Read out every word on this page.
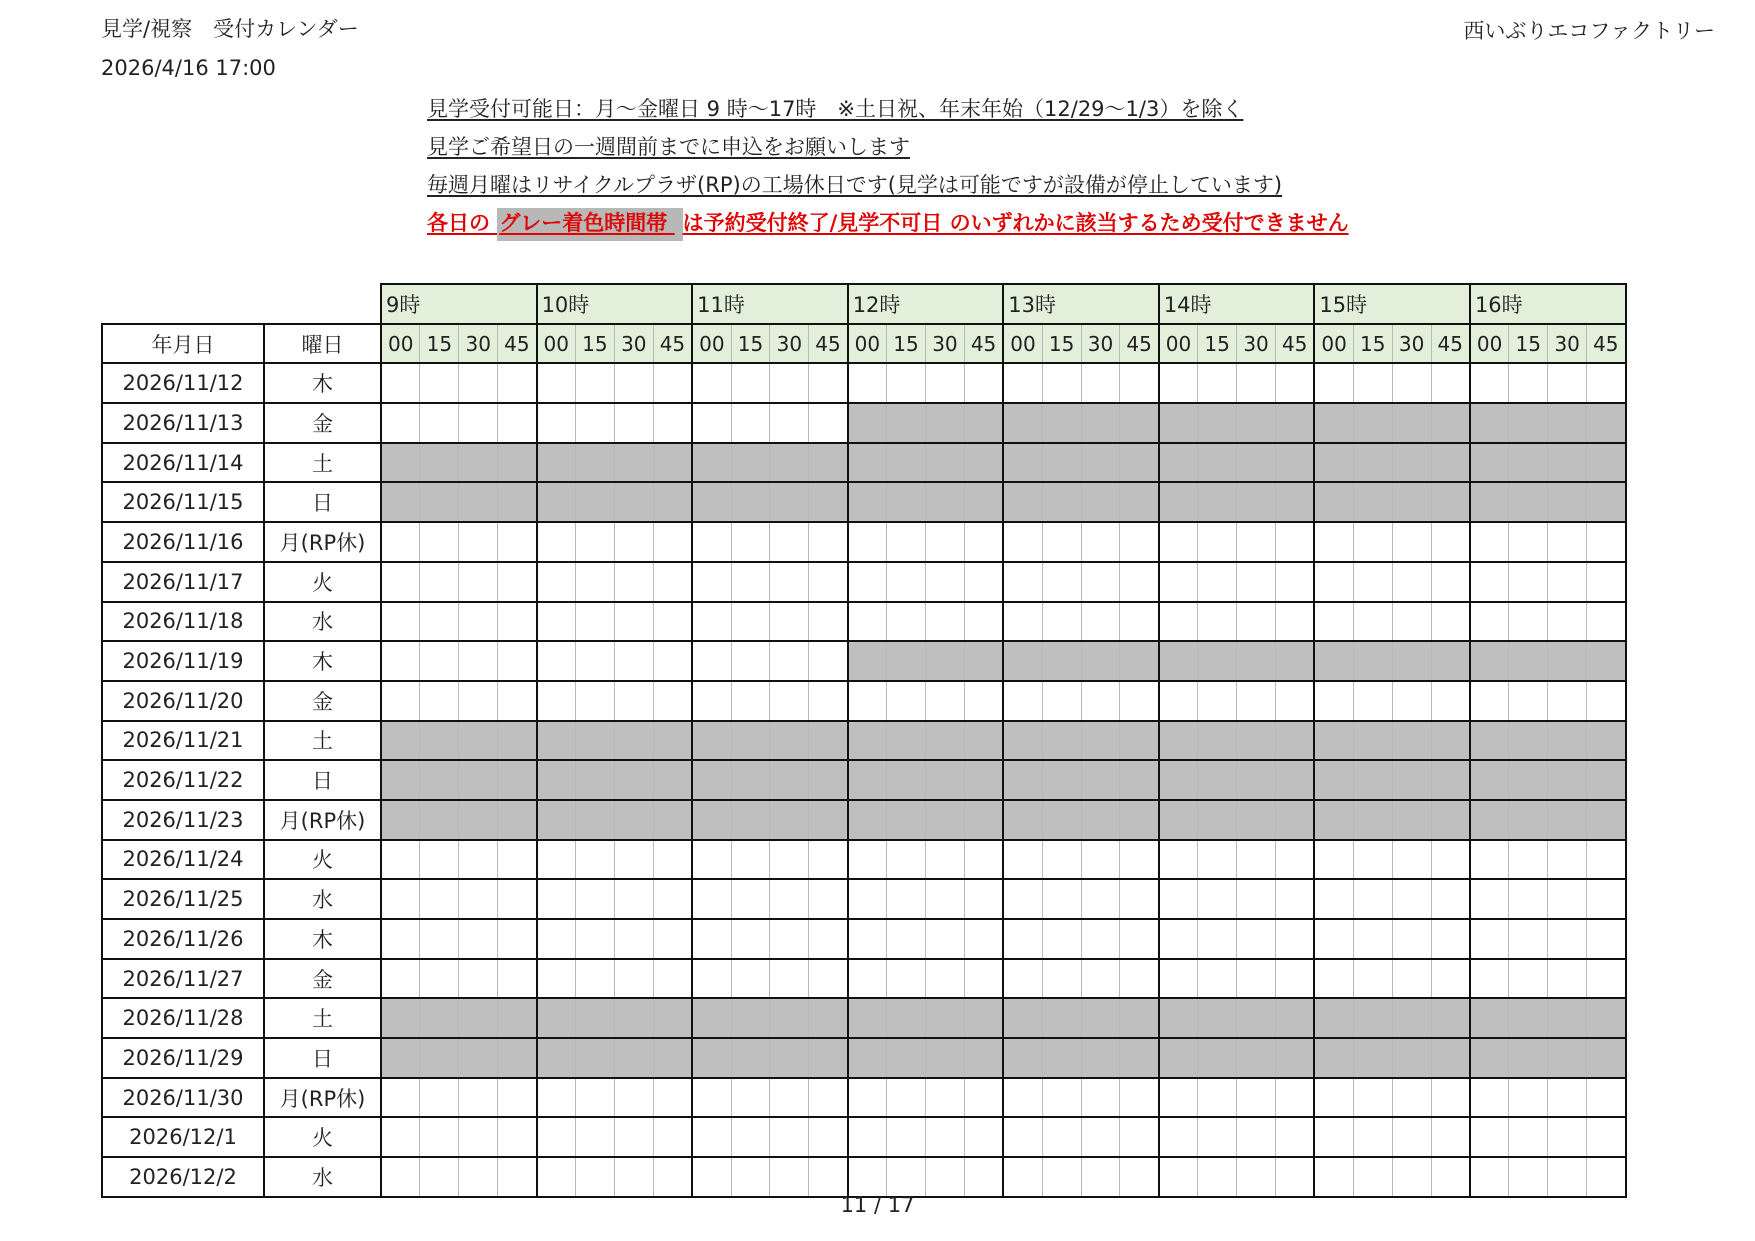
見学/視察　受付カレンダー
2026/4/16 17:00
西いぶりエコファクトリー
見学受付可能日：月～金曜日 9 時～17時　※土日祝、年末年始（12/29～1/3）を除く
見学ご希望日の一週間前までに申込をお願いします
毎週月曜はリサイクルプラザ(RP)の工場休日です(見学は可能ですが設備が停止しています)
各日の グレー着色時間帯 は予約受付終了/見学不可日 のいずれかに該当するため受付できません
		9時				10時				11時				12時				13時				14時				15時				16時			
年月日	曜日	00	15	30	45	00	15	30	45	00	15	30	45	00	15	30	45	00	15	30	45	00	15	30	45	00	15	30	45	00	15	30	45
2026/11/12	木																																
2026/11/13	金																																
2026/11/14	土																																
2026/11/15	日																																
2026/11/16	月(RP休)																																
2026/11/17	火																																
2026/11/18	水																																
2026/11/19	木																																
2026/11/20	金																																
2026/11/21	土																																
2026/11/22	日																																
2026/11/23	月(RP休)																																
2026/11/24	火																																
2026/11/25	水																																
2026/11/26	木																																
2026/11/27	金																																
2026/11/28	土																																
2026/11/29	日																																
2026/11/30	月(RP休)																																
2026/12/1	火																																
2026/12/2	水																																
11 / 17
